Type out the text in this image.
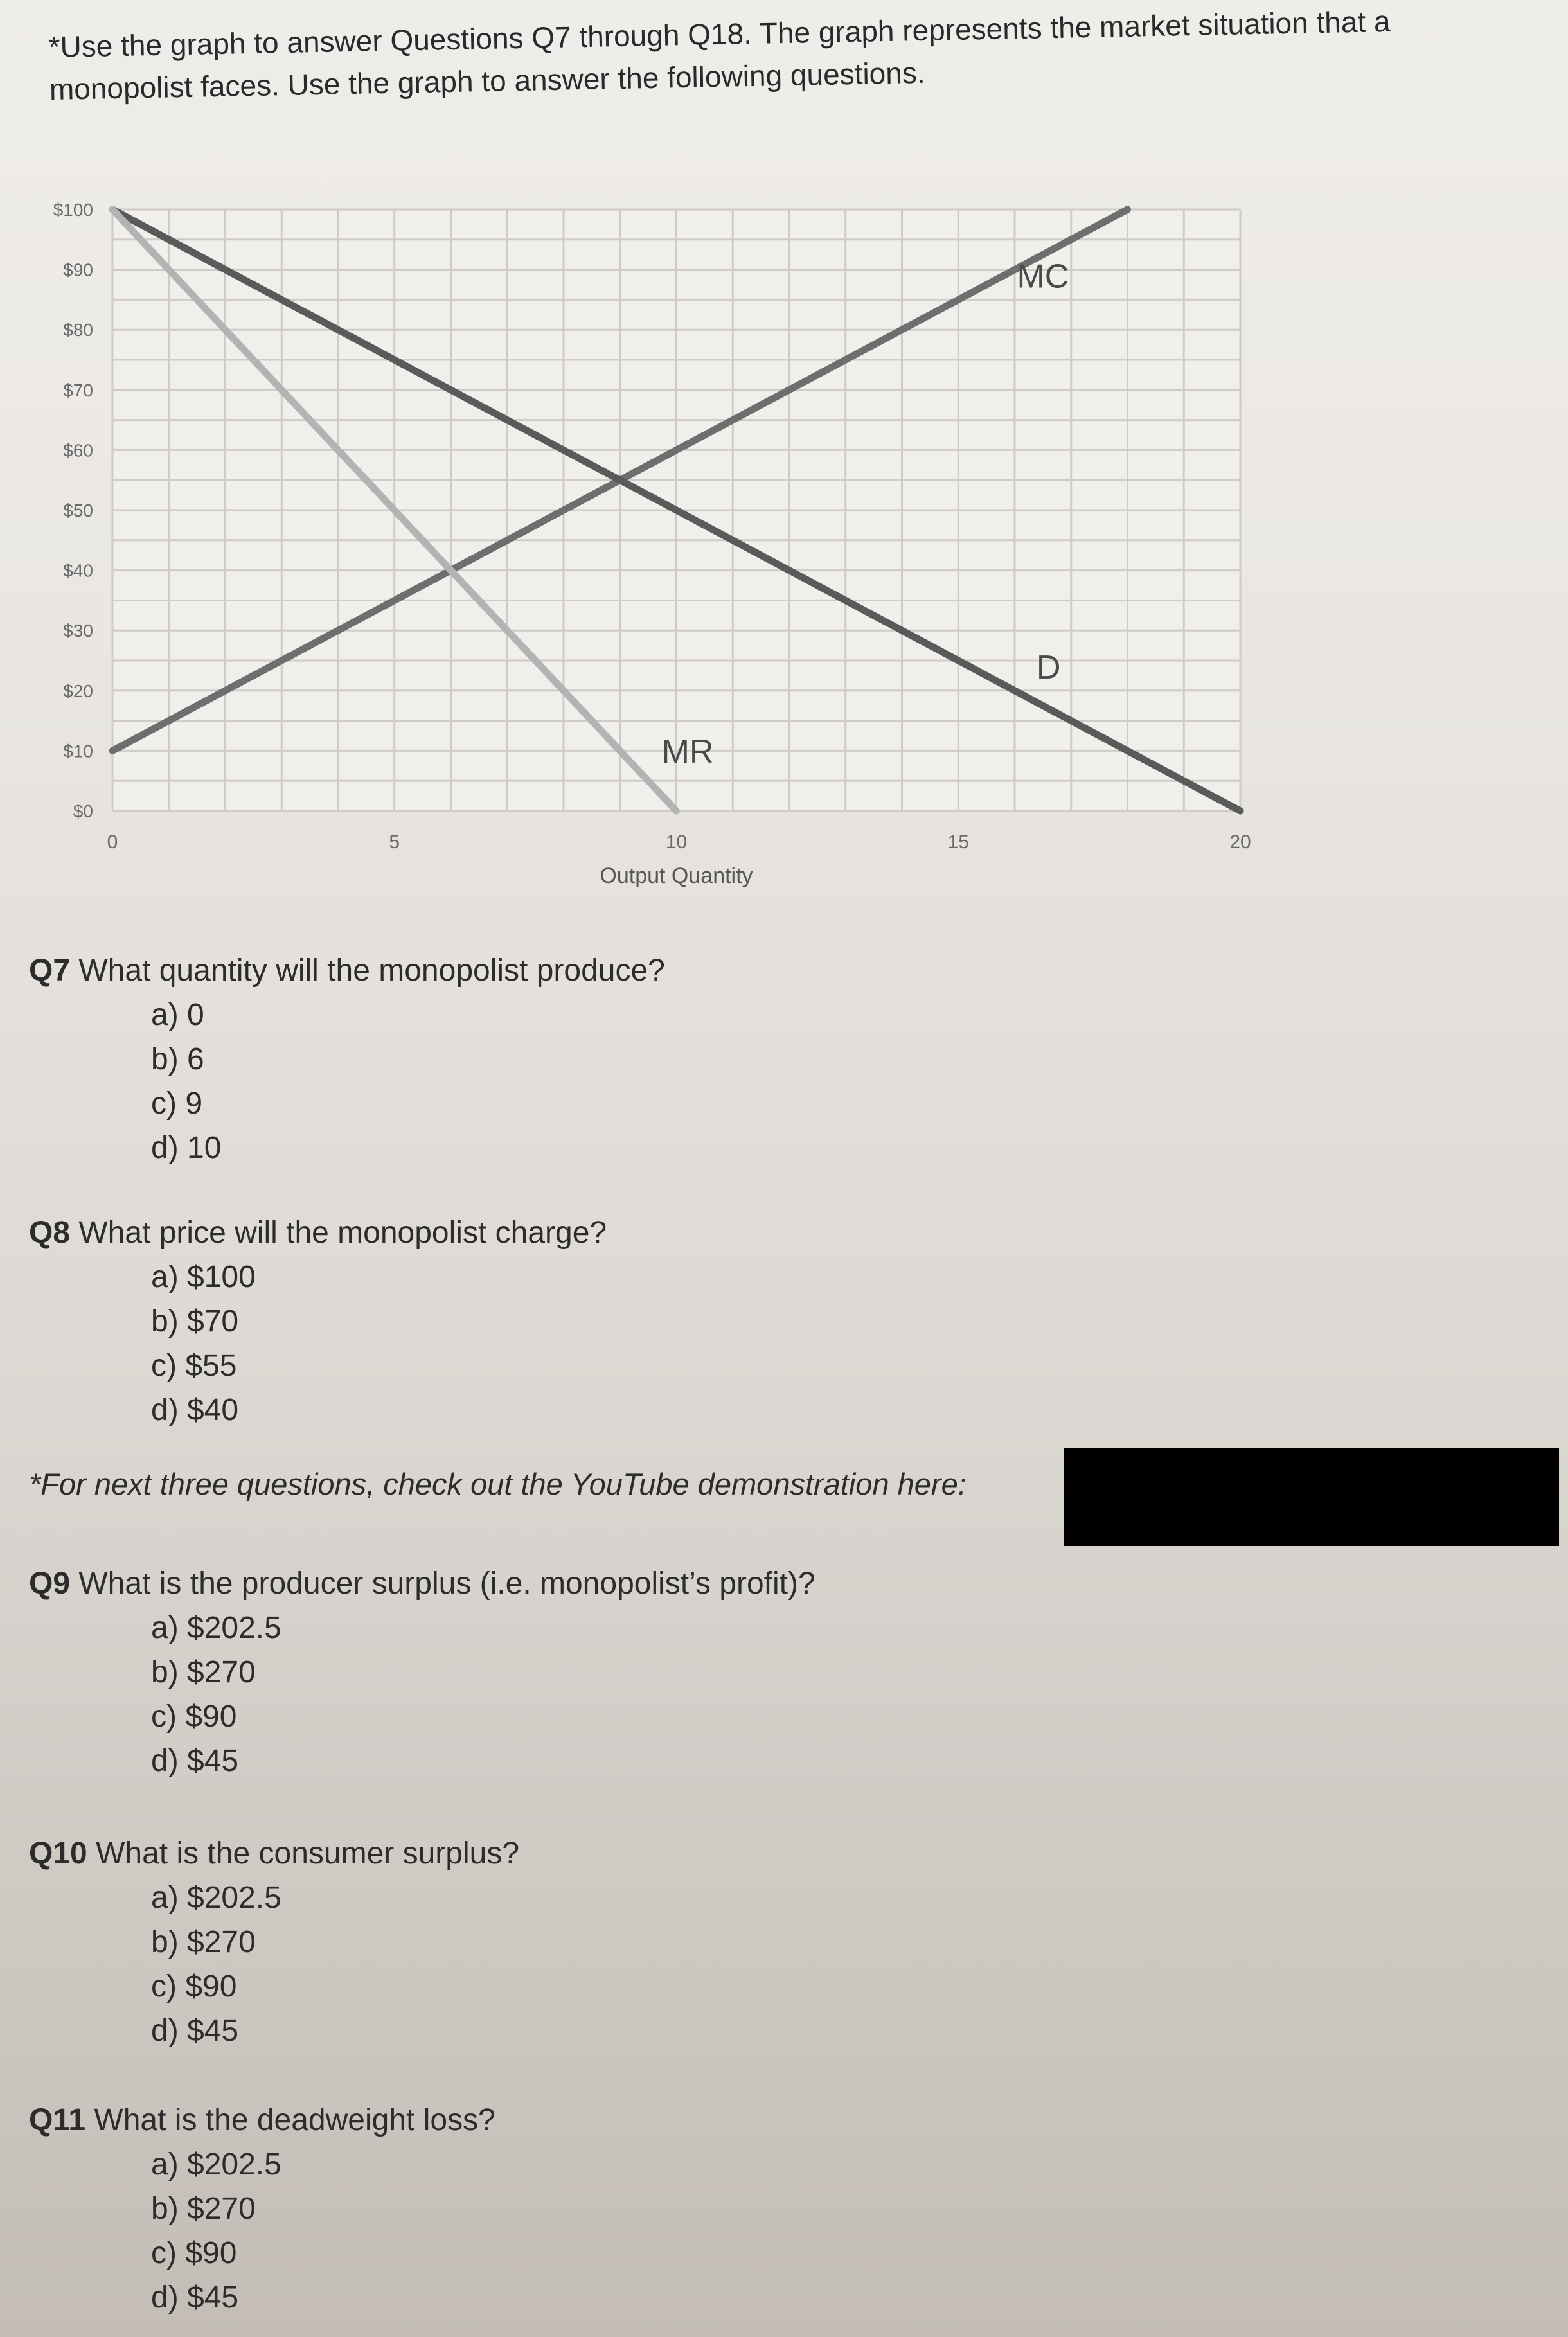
*Use the graph to answer Questions Q7 through Q18. The graph represents the market situation that a monopolist faces. Use the graph to answer the following questions.
$0
$10
$20
$30
$40
$50
$60
$70
$80
$90
$100
0	5	10	15	20
Output Quantity
MC
D
MR
Q7 What quantity will the monopolist produce?
a) 0
b) 6
c) 9
d) 10
Q8 What price will the monopolist charge?
a) $100
b) $70
c) $55
d) $40
*For next three questions, check out the YouTube demonstration here:
Q9 What is the producer surplus (i.e. monopolist’s profit)?
a) $202.5
b) $270
c) $90
d) $45
Q10 What is the consumer surplus?
a) $202.5
b) $270
c) $90
d) $45
Q11 What is the deadweight loss?
a) $202.5
b) $270
c) $90
d) $45
